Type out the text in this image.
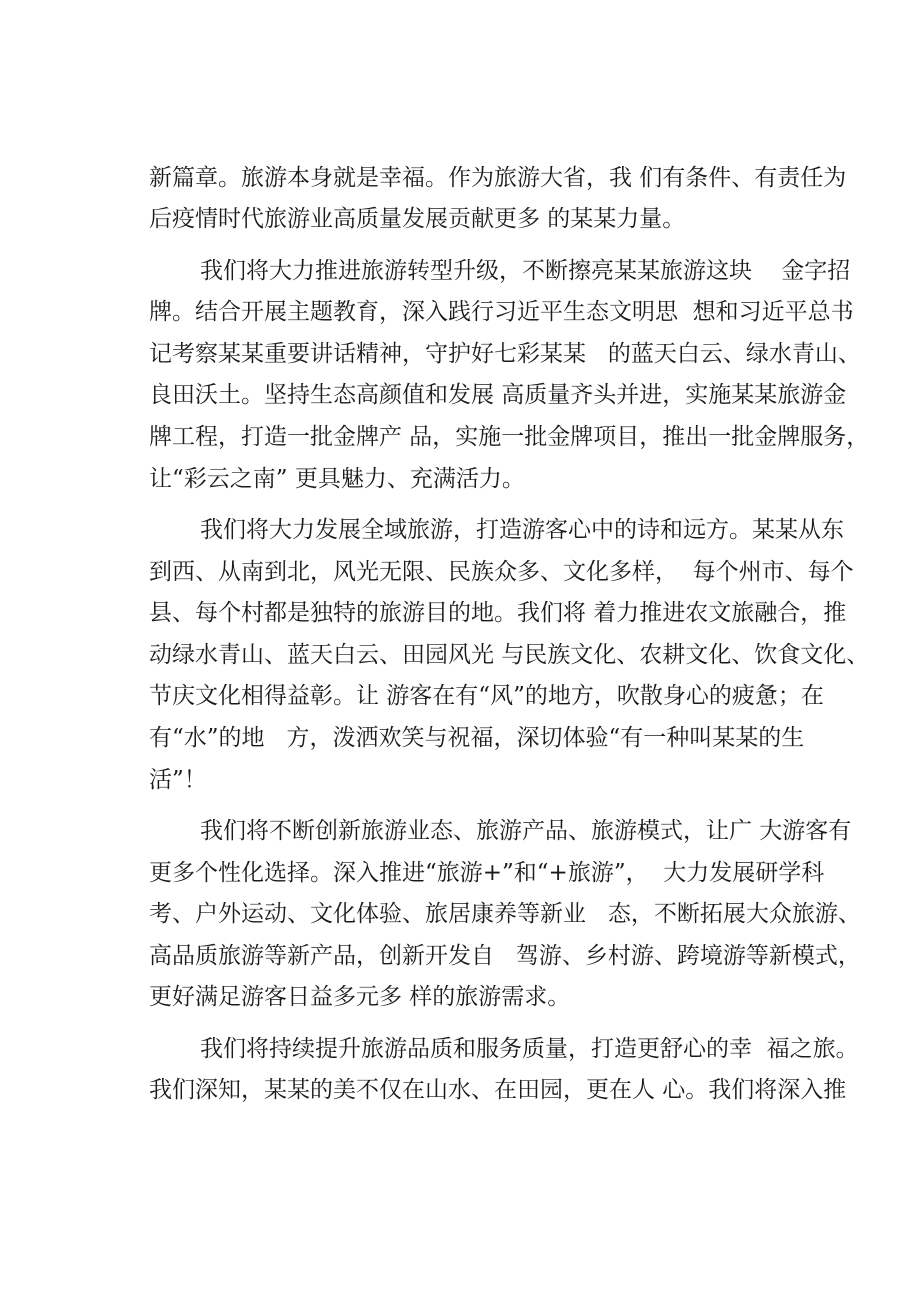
新篇章。旅游本身就是幸福。作为旅游大省，我 们有条件、有责任为
后疫情时代旅游业高质量发展贡献更多 的某某力量。
我们将大力推进旅游转型升级，不断擦亮某某旅游这块    金字招
牌。结合开展主题教育，深入践行习近平生态文明思  想和习近平总书
记考察某某重要讲话精神，守护好七彩某某   的蓝天白云、绿水青山、
良田沃土。坚持生态高颜值和发展 高质量齐头并进，实施某某旅游金
牌工程，打造一批金牌产 品，实施一批金牌项目，推出一批金牌服务，
让“彩云之南” 更具魅力、充满活力。
我们将大力发展全域旅游，打造游客心中的诗和远方。某某从东
到西、从南到北，风光无限、民族众多、文化多样，  每个州市、每个
县、每个村都是独特的旅游目的地。我们将 着力推进农文旅融合，推
动绿水青山、蓝天白云、田园风光 与民族文化、农耕文化、饮食文化、
节庆文化相得益彰。让 游客在有“风”的地方，吹散身心的疲惫；在
有“水”的地   方，泼洒欢笑与祝福，深切体验“有一种叫某某的生
活”！
我们将不断创新旅游业态、旅游产品、旅游模式，让广 大游客有
更多个性化选择。深入推进“旅游+”和“+旅游”，  大力发展研学科
考、户外运动、文化体验、旅居康养等新业   态，不断拓展大众旅游、
高品质旅游等新产品，创新开发自   驾游、乡村游、跨境游等新模式，
更好满足游客日益多元多 样的旅游需求。
我们将持续提升旅游品质和服务质量，打造更舒心的幸  福之旅。
我们深知，某某的美不仅在山水、在田园，更在人 心。我们将深入推
